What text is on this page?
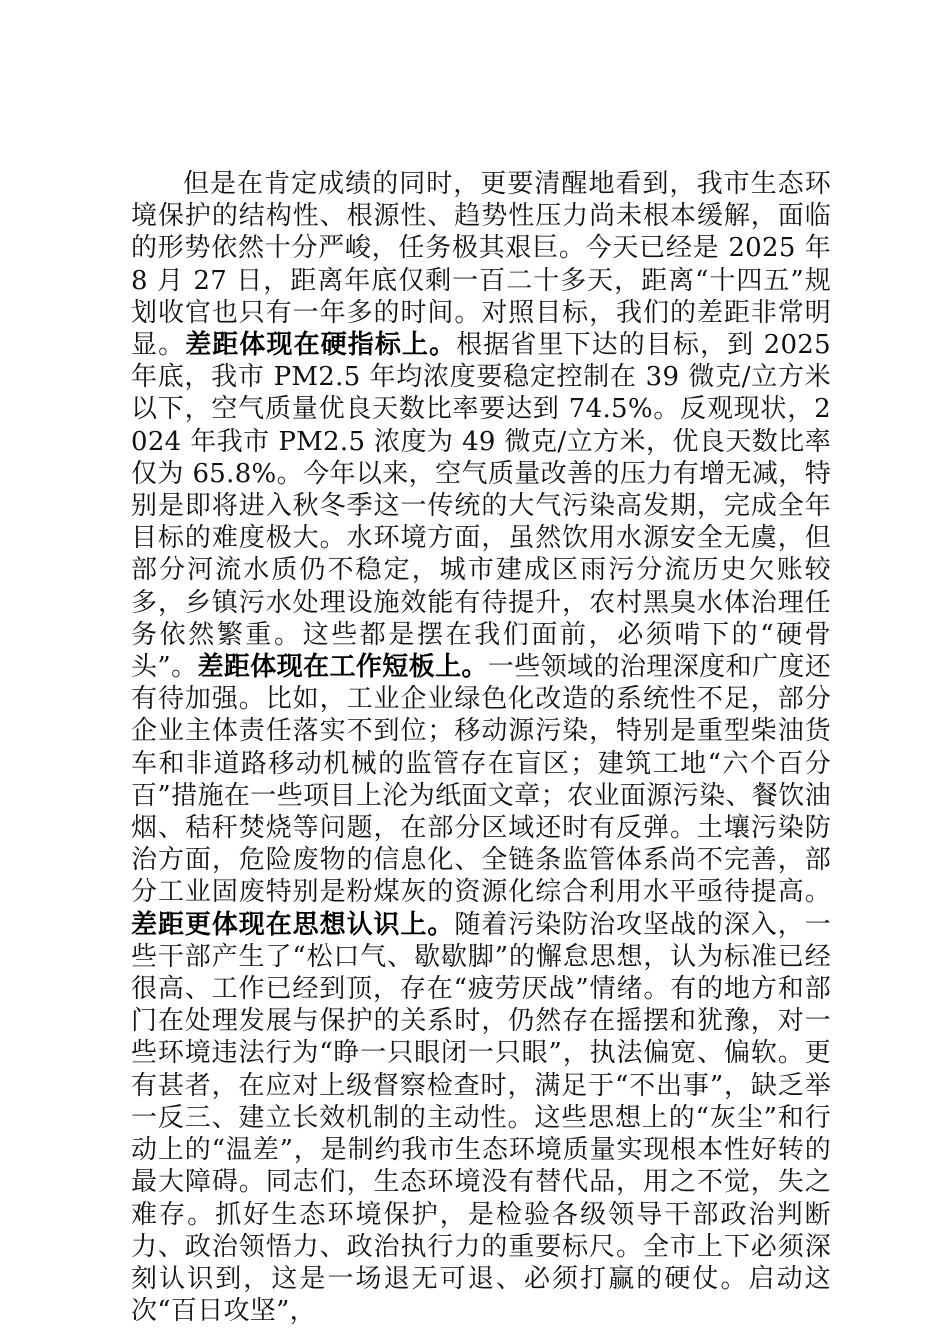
但是在肯定成绩的同时，更要清醒地看到，我市生态环境保护的结构性、根源性、趋势性压力尚未根本缓解，面临的形势依然十分严峻，任务极其艰巨。今天已经是 2025 年 8 月 27 日，距离年底仅剩一百二十多天，距离“十四五”规划收官也只有一年多的时间。对照目标，我们的差距非常明显。差距体现在硬指标上。根据省里下达的目标，到 2025 年底，我市 PM2.5 年均浓度要稳定控制在 39 微克/立方米以下，空气质量优良天数比率要达到 74.5%。反观现状，2024 年我市 PM2.5 浓度为 49 微克/立方米，优良天数比率仅为 65.8%。今年以来，空气质量改善的压力有增无减，特别是即将进入秋冬季这一传统的大气污染高发期，完成全年目标的难度极大。水环境方面，虽然饮用水源安全无虞，但部分河流水质仍不稳定，城市建成区雨污分流历史欠账较多，乡镇污水处理设施效能有待提升，农村黑臭水体治理任务依然繁重。这些都是摆在我们面前，必须啃下的“硬骨头”。差距体现在工作短板上。一些领域的治理深度和广度还有待加强。比如，工业企业绿色化改造的系统性不足，部分企业主体责任落实不到位；移动源污染，特别是重型柴油货车和非道路移动机械的监管存在盲区；建筑工地“六个百分百”措施在一些项目上沦为纸面文章；农业面源污染、餐饮油烟、秸秆焚烧等问题，在部分区域还时有反弹。土壤污染防治方面，危险废物的信息化、全链条监管体系尚不完善，部分工业固废特别是粉煤灰的资源化综合利用水平亟待提高。差距更体现在思想认识上。随着污染防治攻坚战的深入，一些干部产生了“松口气、歇歇脚”的懈怠思想，认为标准已经很高、工作已经到顶，存在“疲劳厌战”情绪。有的地方和部门在处理发展与保护的关系时，仍然存在摇摆和犹豫，对一些环境违法行为“睁一只眼闭一只眼”，执法偏宽、偏软。更有甚者，在应对上级督察检查时，满足于“不出事”，缺乏举一反三、建立长效机制的主动性。这些思想上的“灰尘”和行动上的“温差”，是制约我市生态环境质量实现根本性好转的最大障碍。同志们，生态环境没有替代品，用之不觉，失之难存。抓好生态环境保护，是检验各级领导干部政治判断力、政治领悟力、政治执行力的重要标尺。全市上下必须深刻认识到，这是一场退无可退、必须打赢的硬仗。启动这次“百日攻坚”，
